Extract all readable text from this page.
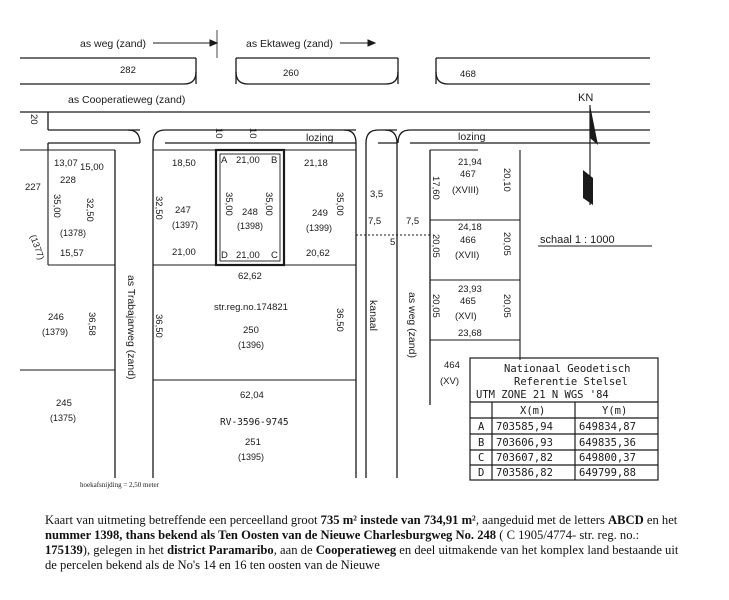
as weg (zand)	as Ektaweg (zand)
as Cooperatieweg (zand)
lozing	lozing
as Trabajarweg (zand)	kanaal	as weg (zand)
282	260	468
20
10 10
13,07 15,00	18,50	21,00	21,18
35,00 32,50
15,57
32,50	35,00	35,00	35,00
21,00	21,00	20,62
3,5
7,5	7,5
5
62,62
36,58	36,50	36,50
62,04
21,94
20,10
17,60
24,18
20,05	20,05
23,93
20,05	20,05
23,68
227
228
(1378)
(1377)
247
(1397)
248
(1398)
249
(1399)
467
(XVIII)
466
(XVII)
465
(XVI)
464
(XV)
246
(1379)
245
(1375)
str.reg.no.174821
250
(1396)
RV-3596-9745
251
(1395)
A	B
C
D
KN
schaal 1 : 1000
hoekafsnijding = 2,50 meter
Nationaal Geodetisch
Referentie Stelsel
UTM ZONE 21 N WGS '84
X(m)	Y(m)
A 703585,94 649834,87
B 703606,93 649835,36
C 703607,82 649800,37
D 703586,82 649799,88
Kaart van uitmeting betreffende een perceelland groot 735 m² instede van 734,91 m², aangeduid met de letters ABCD en het nummer 1398, thans bekend als Ten Oosten van de Nieuwe Charlesburgweg No. 248 ( C 1905/4774- str. reg. no.: 175139), gelegen in het district Paramaribo, aan de Cooperatieweg en deel uitmakende van het komplex land bestaande uit de percelen bekend als de No's 14 en 16 ten oosten van de Nieuwe
